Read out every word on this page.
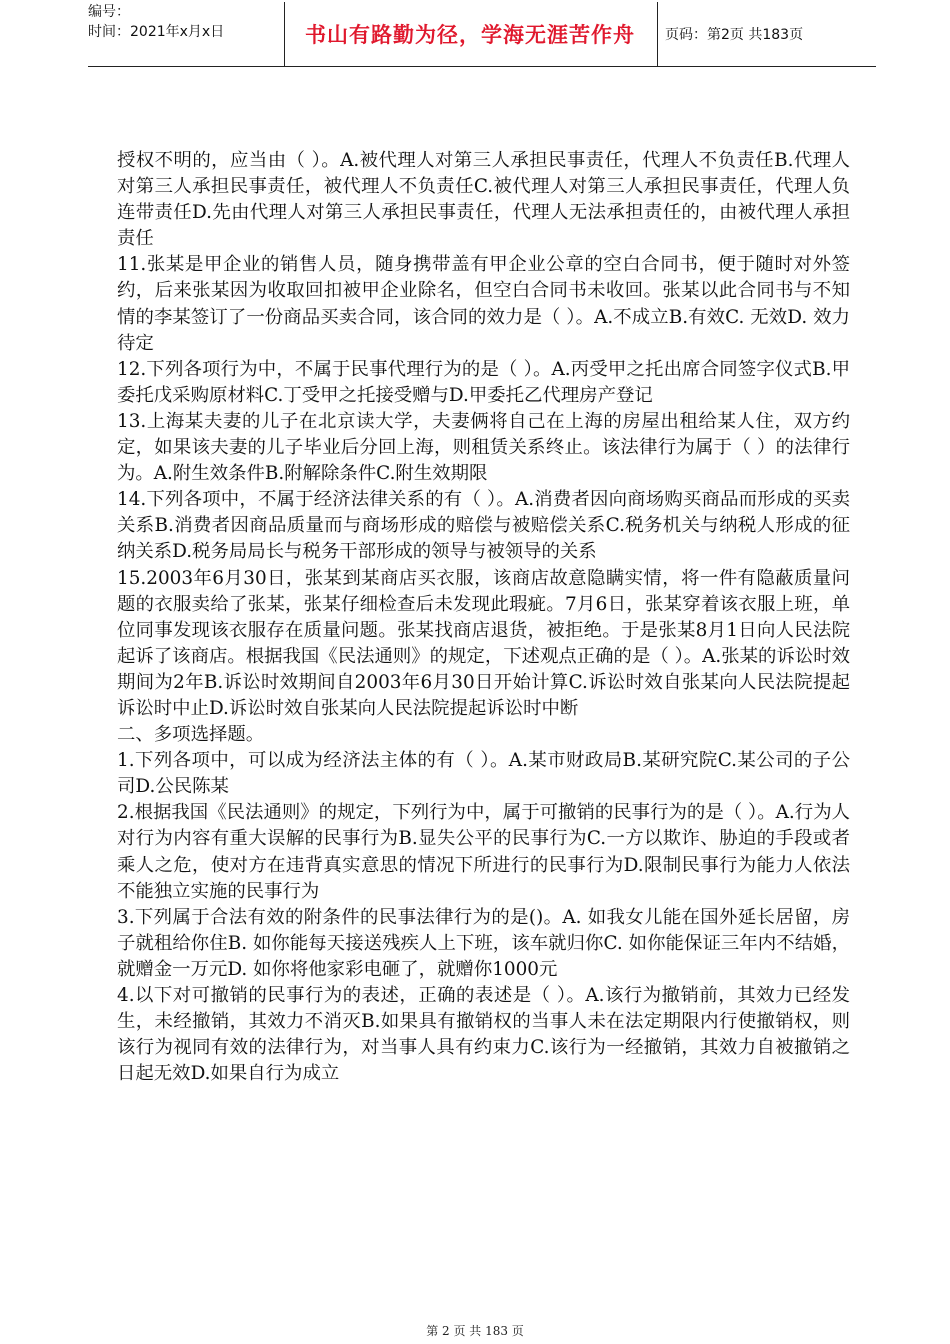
编号：
时间：2021年x月x日	书山有路勤为径，学海无涯苦作舟	页码：第2页 共183页

授权不明的，应当由（ ）。A.被代理人对第三人承担民事责任，代理人不负责任B.代理人对第三人承担民事责任，被代理人不负责任C.被代理人对第三人承担民事责任，代理人负连带责任D.先由代理人对第三人承担民事责任，代理人无法承担责任的，由被代理人承担责任

11.张某是甲企业的销售人员，随身携带盖有甲企业公章的空白合同书，便于随时对外签约，后来张某因为收取回扣被甲企业除名，但空白合同书未收回。张某以此合同书与不知情的李某签订了一份商品买卖合同，该合同的效力是（ ）。A.不成立B.有效C. 无效D. 效力待定

12.下列各项行为中，不属于民事代理行为的是（ ）。A.丙受甲之托出席合同签字仪式B.甲委托戊采购原材料C.丁受甲之托接受赠与D.甲委托乙代理房产登记

13.上海某夫妻的儿子在北京读大学，夫妻俩将自己在上海的房屋出租给某人住，双方约定，如果该夫妻的儿子毕业后分回上海，则租赁关系终止。该法律行为属于（ ）的法律行为。A.附生效条件B.附解除条件C.附生效期限

14.下列各项中，不属于经济法律关系的有（ ）。A.消费者因向商场购买商品而形成的买卖关系B.消费者因商品质量而与商场形成的赔偿与被赔偿关系C.税务机关与纳税人形成的征纳关系D.税务局局长与税务干部形成的领导与被领导的关系

15.2003年6月30日，张某到某商店买衣服，该商店故意隐瞒实情，将一件有隐蔽质量问题的衣服卖给了张某，张某仔细检查后未发现此瑕疵。7月6日，张某穿着该衣服上班，单位同事发现该衣服存在质量问题。张某找商店退货，被拒绝。于是张某8月1日向人民法院起诉了该商店。根据我国《民法通则》的规定，下述观点正确的是（ ）。A.张某的诉讼时效期间为2年B.诉讼时效期间自2003年6月30日开始计算C.诉讼时效自张某向人民法院提起诉讼时中止D.诉讼时效自张某向人民法院提起诉讼时中断

二、多项选择题。

1.下列各项中，可以成为经济法主体的有（ ）。A.某市财政局B.某研究院C.某公司的子公司D.公民陈某

2.根据我国《民法通则》的规定，下列行为中，属于可撤销的民事行为的是（ ）。A.行为人对行为内容有重大误解的民事行为B.显失公平的民事行为C.一方以欺诈、胁迫的手段或者乘人之危，使对方在违背真实意思的情况下所进行的民事行为D.限制民事行为能力人依法不能独立实施的民事行为

3.下列属于合法有效的附条件的民事法律行为的是()。A. 如我女儿能在国外延长居留，房子就租给你住B. 如你能每天接送残疾人上下班，该车就归你C. 如你能保证三年内不结婚，就赠金一万元D. 如你将他家彩电砸了，就赠你1000元

4.以下对可撤销的民事行为的表述，正确的表述是（ ）。A.该行为撤销前，其效力已经发生，未经撤销，其效力不消灭B.如果具有撤销权的当事人未在法定期限内行使撤销权，则该行为视同有效的法律行为，对当事人具有约束力C.该行为一经撤销，其效力自被撤销之日起无效D.如果自行为成立

第 2 页 共 183 页
